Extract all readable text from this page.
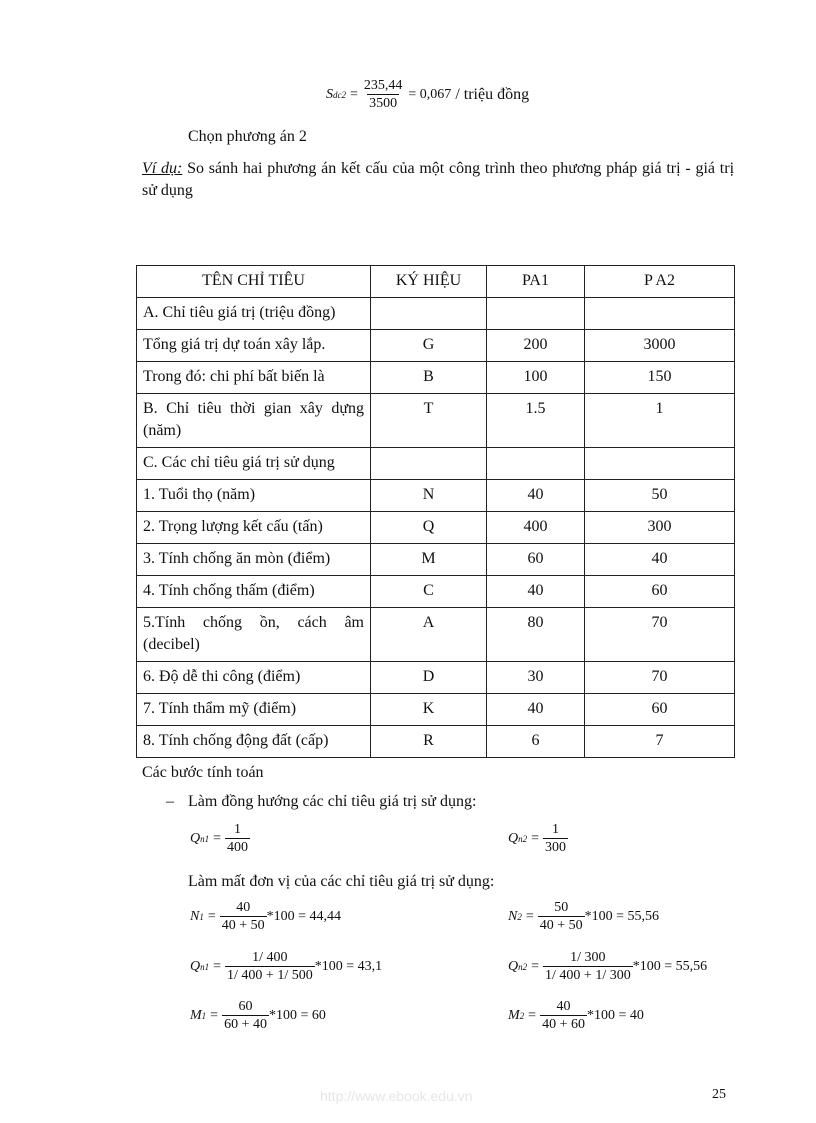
S $dc2 = \frac{235,44}{3500} = 0,067$ / triệu đồng
Chọn phương án 2
Ví dụ: So sánh hai phương án kết cấu của một công trình theo phương pháp giá trị - giá trị sử dụng
TÊN CHỈ TIÊU	KÝ HIỆU	PA1	P A2
A. Chỉ tiêu giá trị (triệu đồng)			
Tổng giá trị dự toán xây lắp.	G	200	3000
Trong đó: chi phí bất biến là	B	100	150
B. Chỉ tiêu thời gian xây dựng (năm)	T	1.5	1
C. Các chỉ tiêu giá trị sử dụng			
1. Tuổi thọ (năm)	N	40	50
2. Trọng lượng kết cấu (tấn)	Q	400	300
3. Tính chống ăn mòn (điểm)	M	60	40
4. Tính chống thấm (điểm)	C	40	60
5.Tính chống ồn, cách âm (decibel)	A	80	70
6. Độ dễ thi công (điểm)	D	30	70
7. Tính thẩm mỹ (điểm)	K	40	60
8. Tính chống động đất (cấp)	R	6	7
Các bước tính toán
– Làm đồng hướng các chỉ tiêu giá trị sử dụng:
Q $n1 = \frac{1}{400}$	Q $n2 = \frac{1}{300}$
Làm mất đơn vị của các chỉ tiêu giá trị sử dụng:
N $1 = \frac{40}{40 + 50} *100 = 44,44$	N $2 = \frac{50}{40 + 50} *100 = 55,56$
Q $n1 = \frac{1/ 400}{1/ 400 + 1/ 500} *100 = 43,1$	Q $n2 = \frac{1/ 300}{1/ 400 + 1/ 300} *100 = 55,56$
M $1 = \frac{60}{60 + 40} *100 = 60$	M $2 = \frac{40}{40 + 60} *100 = 40$
http://www.ebook.edu.vn	25
